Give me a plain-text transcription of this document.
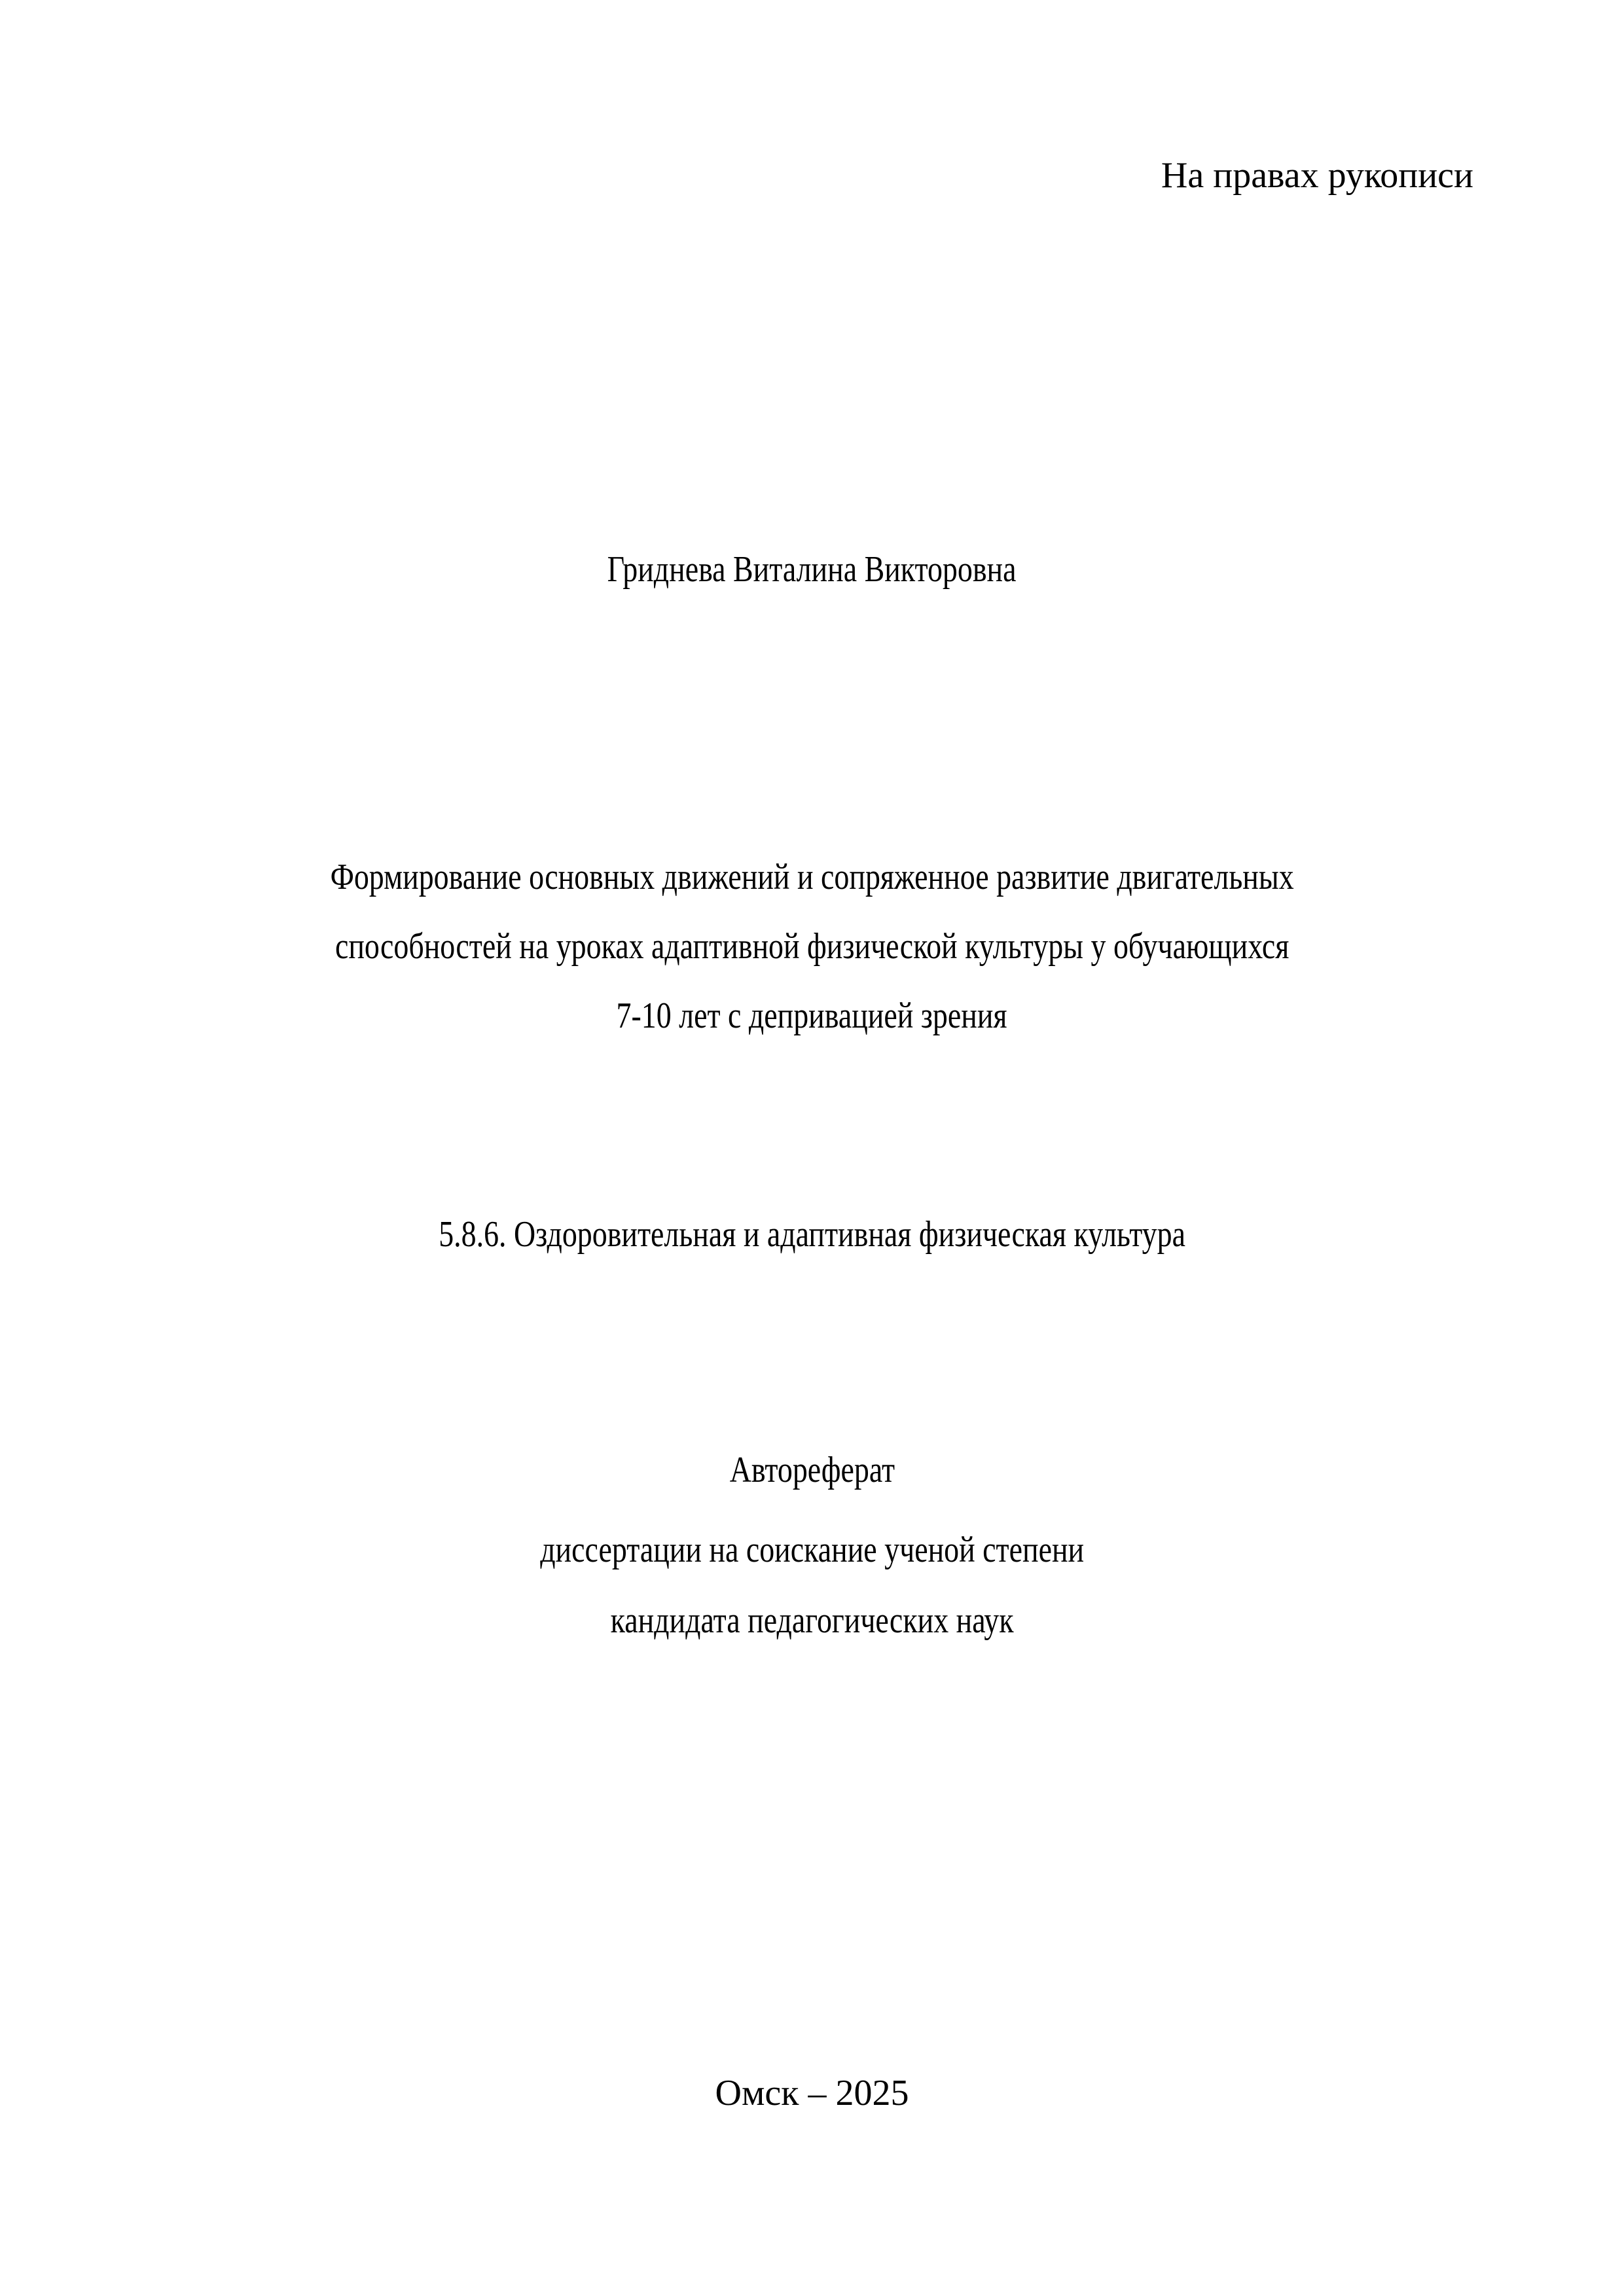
На правах рукописи
Гриднева Виталина Викторовна
Формирование основных движений и сопряженное развитие двигательных
способностей на уроках адаптивной физической культуры у обучающихся
7-10 лет с депривацией зрения
5.8.6. Оздоровительная и адаптивная физическая культура
Автореферат
диссертации на соискание ученой степени
кандидата педагогических наук
Омск – 2025
